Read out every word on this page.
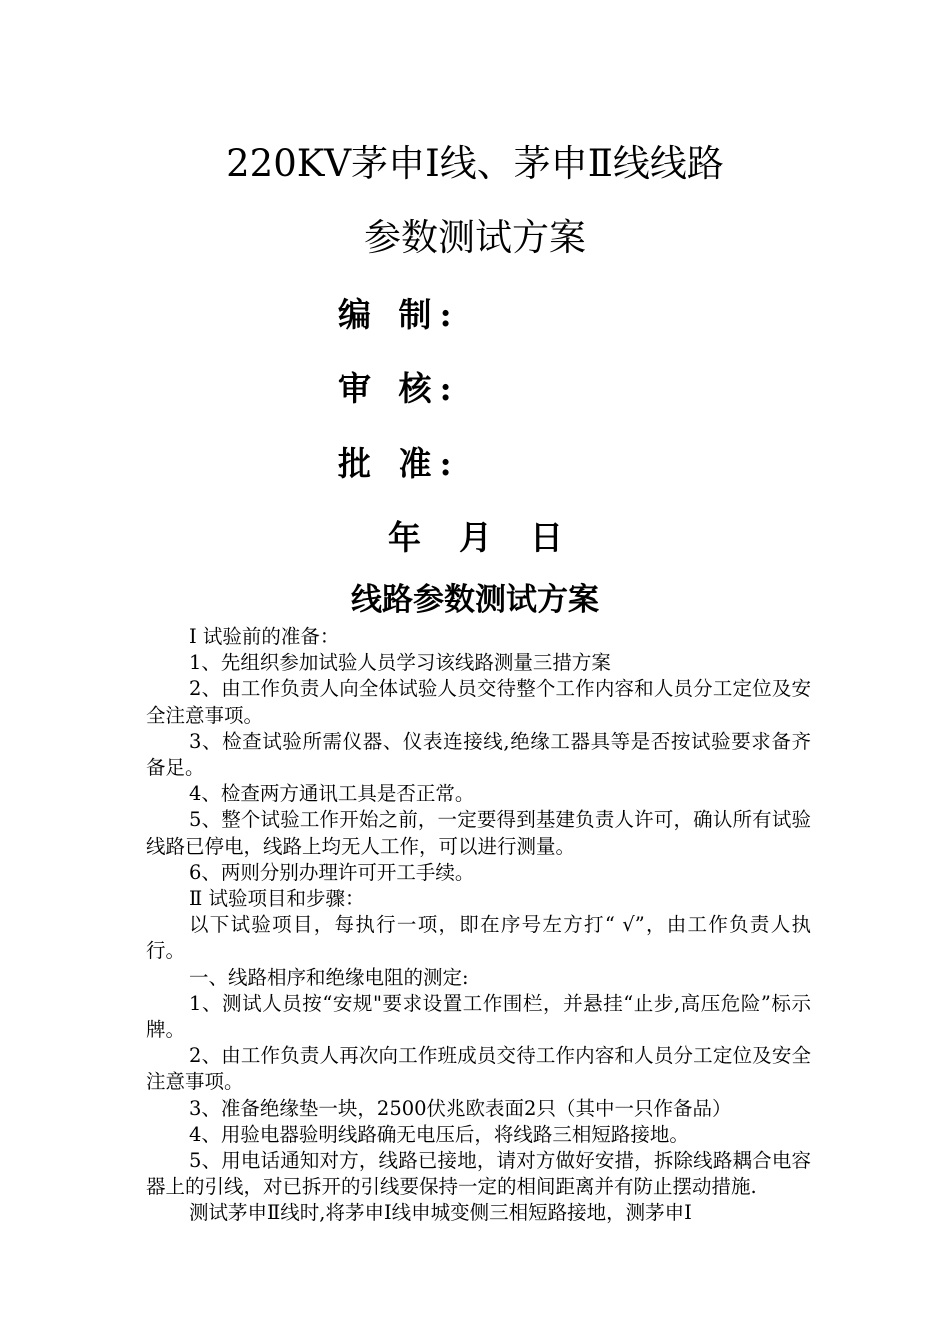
220KV茅申Ⅰ线、茅申Ⅱ线线路
参数测试方案
编 制:
审 核:
批 准:
年 月 日
线路参数测试方案

Ⅰ 试验前的准备：

1、先组织参加试验人员学习该线路测量三措方案

2、由工作负责人向全体试验人员交待整个工作内容和人员分工定位及安全注意事项。

3、检查试验所需仪器、仪表连接线,绝缘工器具等是否按试验要求备齐备足。

4、检查两方通讯工具是否正常。

5、整个试验工作开始之前，一定要得到基建负责人许可，确认所有试验线路已停电，线路上均无人工作，可以进行测量。

6、两则分别办理许可开工手续。

Ⅱ 试验项目和步骤：

以下试验项目，每执行一项，即在序号左方打“ √”，由工作负责人执行。

一、线路相序和绝缘电阻的测定:

1、测试人员按“安规"要求设置工作围栏，并悬挂“止步,高压危险”标示牌。

2、由工作负责人再次向工作班成员交待工作内容和人员分工定位及安全注意事项。

3、准备绝缘垫一块，2500伏兆欧表面2只（其中一只作备品）

4、用验电器验明线路确无电压后，将线路三相短路接地。

5、用电话通知对方，线路已接地，请对方做好安措，拆除线路耦合电容器上的引线，对已拆开的引线要保持一定的相间距离并有防止摆动措施.

测试茅申Ⅱ线时,将茅申Ⅰ线申城变侧三相短路接地，测茅申Ⅰ
